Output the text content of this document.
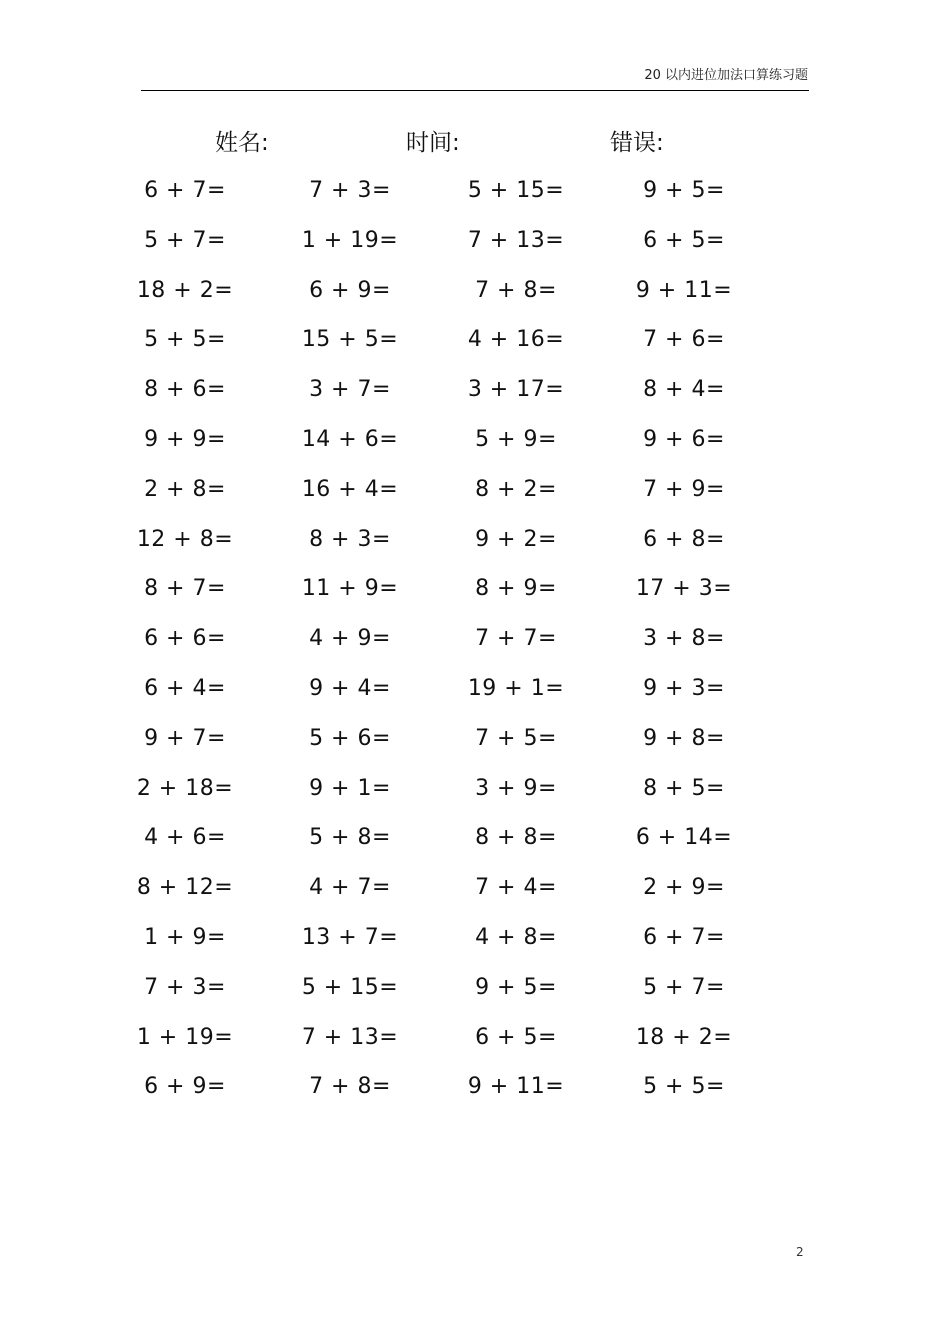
20 以内进位加法口算练习题
姓名:	时间:	错误:
6 + 7=	7 + 3=	5 + 15=	9 + 5=
5 + 7=	1 + 19=	7 + 13=	6 + 5=
18 + 2=	6 + 9=	7 + 8=	9 + 11=
5 + 5=	15 + 5=	4 + 16=	7 + 6=
8 + 6=	3 + 7=	3 + 17=	8 + 4=
9 + 9=	14 + 6=	5 + 9=	9 + 6=
2 + 8=	16 + 4=	8 + 2=	7 + 9=
12 + 8=	8 + 3=	9 + 2=	6 + 8=
8 + 7=	11 + 9=	8 + 9=	17 + 3=
6 + 6=	4 + 9=	7 + 7=	3 + 8=
6 + 4=	9 + 4=	19 + 1=	9 + 3=
9 + 7=	5 + 6=	7 + 5=	9 + 8=
2 + 18=	9 + 1=	3 + 9=	8 + 5=
4 + 6=	5 + 8=	8 + 8=	6 + 14=
8 + 12=	4 + 7=	7 + 4=	2 + 9=
1 + 9=	13 + 7=	4 + 8=	6 + 7=
7 + 3=	5 + 15=	9 + 5=	5 + 7=
1 + 19=	7 + 13=	6 + 5=	18 + 2=
6 + 9=	7 + 8=	9 + 11=	5 + 5=
2
